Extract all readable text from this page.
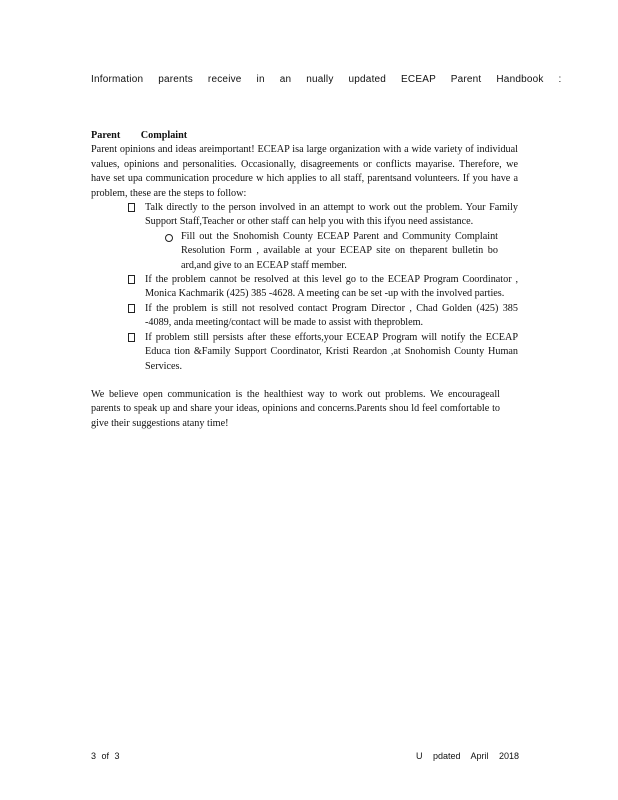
Information parents receive in an nually updated ECEAP Parent Handbook :
Parent Complaint

Parent opinions and ideas areimportant! ECEAP isa large organization with a wide variety of individual values, opinions and personalities. Occasionally, disagreements or conflicts mayarise. Therefore, we have set upa communication procedure w hich applies to all staff, parentsand volunteers. If you have a problem, these are the steps to follow:

Talk directly to the person involved in an attempt to work out the problem. Your Family Support Staff,Teacher or other staff can help you with this ifyou need assistance.
Fill out the Snohomish County ECEAP Parent and Community Complaint Resolution Form , available at your ECEAP site on theparent bulletin bo ard,and give to an ECEAP staff member.
If the problem cannot be resolved at this level go to the ECEAP Program Coordinator , Monica Kachmarik (425) 385 -4628. A meeting can be set -up with the involved parties.
If the problem is still not resolved contact Program Director , Chad Golden (425) 385 -4089, anda meeting/contact will be made to assist with theproblem.
If problem still persists after these efforts,your ECEAP Program will notify the ECEAP Educa tion &Family Support Coordinator, Kristi Reardon ,at Snohomish County Human Services.

We believe open communication is the healthiest way to work out problems. We encourageall parents to speak up and share your ideas, opinions and concerns.Parents shou ld feel comfortable to give their suggestions atany time!

3 of 3	U pdated April 2018
